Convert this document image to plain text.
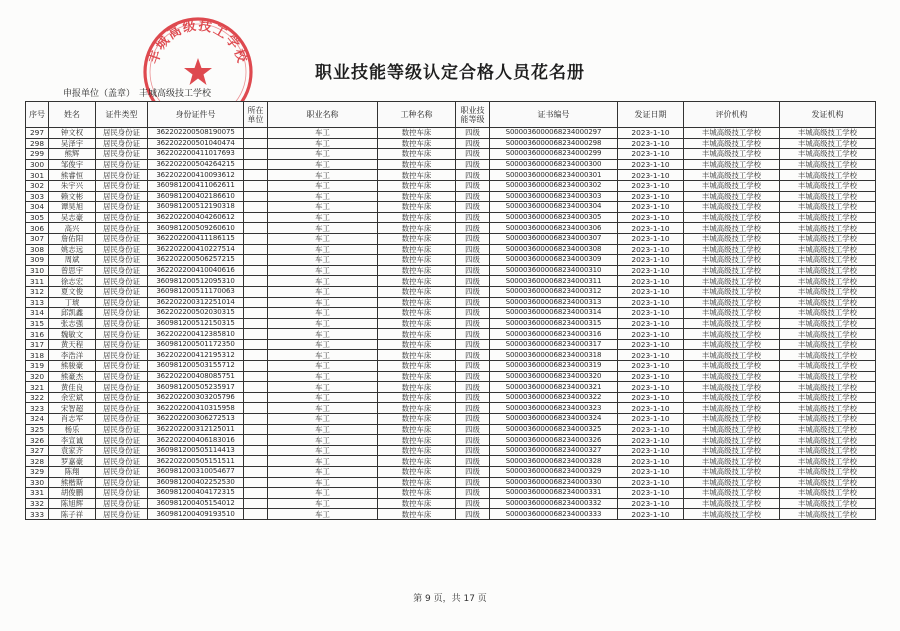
丰城高级技工学校
职业技能等级认定合格人员花名册
申报单位（盖章） 丰城高级技工学校
序号	姓名	证件类型	身份证件号	所在单位	职业名称	工种名称	职业技能等级	证书编号	发证日期	评价机构	发证机构
297	钟文权	居民身份证	362202200508190075		车工	数控车床	四级	S000036000068234000297	2023-1-10	丰城高级技工学校	丰城高级技工学校
298	吴泽宇	居民身份证	362202200501040474		车工	数控车床	四级	S000036000068234000298	2023-1-10	丰城高级技工学校	丰城高级技工学校
299	熊辉	居民身份证	362202200411017693		车工	数控车床	四级	S000036000068234000299	2023-1-10	丰城高级技工学校	丰城高级技工学校
300	邹俊宇	居民身份证	362202200504264215		车工	数控车床	四级	S000036000068234000300	2023-1-10	丰城高级技工学校	丰城高级技工学校
301	熊睿恒	居民身份证	362202200410093612		车工	数控车床	四级	S000036000068234000301	2023-1-10	丰城高级技工学校	丰城高级技工学校
302	朱宇兴	居民身份证	360981200411062611		车工	数控车床	四级	S000036000068234000302	2023-1-10	丰城高级技工学校	丰城高级技工学校
303	赖文彬	居民身份证	360981200402186610		车工	数控车床	四级	S000036000068234000303	2023-1-10	丰城高级技工学校	丰城高级技工学校
304	谭昊旭	居民身份证	360981200512190318		车工	数控车床	四级	S000036000068234000304	2023-1-10	丰城高级技工学校	丰城高级技工学校
305	吴志豪	居民身份证	362202200404260612		车工	数控车床	四级	S000036000068234000305	2023-1-10	丰城高级技工学校	丰城高级技工学校
306	高兴	居民身份证	360981200509260610		车工	数控车床	四级	S000036000068234000306	2023-1-10	丰城高级技工学校	丰城高级技工学校
307	詹佑阳	居民身份证	362202200411186115		车工	数控车床	四级	S000036000068234000307	2023-1-10	丰城高级技工学校	丰城高级技工学校
308	姚志远	居民身份证	362202200410227514		车工	数控车床	四级	S000036000068234000308	2023-1-10	丰城高级技工学校	丰城高级技工学校
309	周斌	居民身份证	362202200506257215		车工	数控车床	四级	S000036000068234000309	2023-1-10	丰城高级技工学校	丰城高级技工学校
310	曾思宇	居民身份证	362202200410040616		车工	数控车床	四级	S000036000068234000310	2023-1-10	丰城高级技工学校	丰城高级技工学校
311	徐志宏	居民身份证	360981200512095310		车工	数控车床	四级	S000036000068234000311	2023-1-10	丰城高级技工学校	丰城高级技工学校
312	夏文俊	居民身份证	360981200511170063		车工	数控车床	四级	S000036000068234000312	2023-1-10	丰城高级技工学校	丰城高级技工学校
313	丁琥	居民身份证	362202200312251014		车工	数控车床	四级	S000036000068234000313	2023-1-10	丰城高级技工学校	丰城高级技工学校
314	邱凯鑫	居民身份证	362202200502030315		车工	数控车床	四级	S000036000068234000314	2023-1-10	丰城高级技工学校	丰城高级技工学校
315	张志强	居民身份证	360981200512150315		车工	数控车床	四级	S000036000068234000315	2023-1-10	丰城高级技工学校	丰城高级技工学校
316	魏敏文	居民身份证	362202200412385810		车工	数控车床	四级	S000036000068234000316	2023-1-10	丰城高级技工学校	丰城高级技工学校
317	黄天程	居民身份证	360981200501172350		车工	数控车床	四级	S000036000068234000317	2023-1-10	丰城高级技工学校	丰城高级技工学校
318	李浩洋	居民身份证	362202200412195312		车工	数控车床	四级	S000036000068234000318	2023-1-10	丰城高级技工学校	丰城高级技工学校
319	熊骏豪	居民身份证	360981200503155712		车工	数控车床	四级	S000036000068234000319	2023-1-10	丰城高级技工学校	丰城高级技工学校
320	熊豪杰	居民身份证	362202200408085751		车工	数控车床	四级	S000036000068234000320	2023-1-10	丰城高级技工学校	丰城高级技工学校
321	黄佳良	居民身份证	360981200505235917		车工	数控车床	四级	S000036000068234000321	2023-1-10	丰城高级技工学校	丰城高级技工学校
322	余宏斌	居民身份证	362202200303205796		车工	数控车床	四级	S000036000068234000322	2023-1-10	丰城高级技工学校	丰城高级技工学校
323	宋智超	居民身份证	362202200410315958		车工	数控车床	四级	S000036000068234000323	2023-1-10	丰城高级技工学校	丰城高级技工学校
324	肖志军	居民身份证	362202200306272513		车工	数控车床	四级	S000036000068234000324	2023-1-10	丰城高级技工学校	丰城高级技工学校
325	杨乐	居民身份证	362202200312125011		车工	数控车床	四级	S000036000068234000325	2023-1-10	丰城高级技工学校	丰城高级技工学校
326	李宣诚	居民身份证	362202200406183016		车工	数控车床	四级	S000036000068234000326	2023-1-10	丰城高级技工学校	丰城高级技工学校
327	袁家齐	居民身份证	360981200505114413		车工	数控车床	四级	S000036000068234000327	2023-1-10	丰城高级技工学校	丰城高级技工学校
328	罗嘉豪	居民身份证	362202200505151511		车工	数控车床	四级	S000036000068234000328	2023-1-10	丰城高级技工学校	丰城高级技工学校
329	陈翔	居民身份证	360981200310054677		车工	数控车床	四级	S000036000068234000329	2023-1-10	丰城高级技工学校	丰城高级技工学校
330	熊楷斯	居民身份证	360981200402252530		车工	数控车床	四级	S000036000068234000330	2023-1-10	丰城高级技工学校	丰城高级技工学校
331	胡俊鹏	居民身份证	360981200404172315		车工	数控车床	四级	S000036000068234000331	2023-1-10	丰城高级技工学校	丰城高级技工学校
332	陈旭辉	居民身份证	360981200405154012		车工	数控车床	四级	S000036000068234000332	2023-1-10	丰城高级技工学校	丰城高级技工学校
333	陈子祥	居民身份证	360981200409193510		车工	数控车床	四级	S000036000068234000333	2023-1-10	丰城高级技工学校	丰城高级技工学校
第 9 页，共 17 页
